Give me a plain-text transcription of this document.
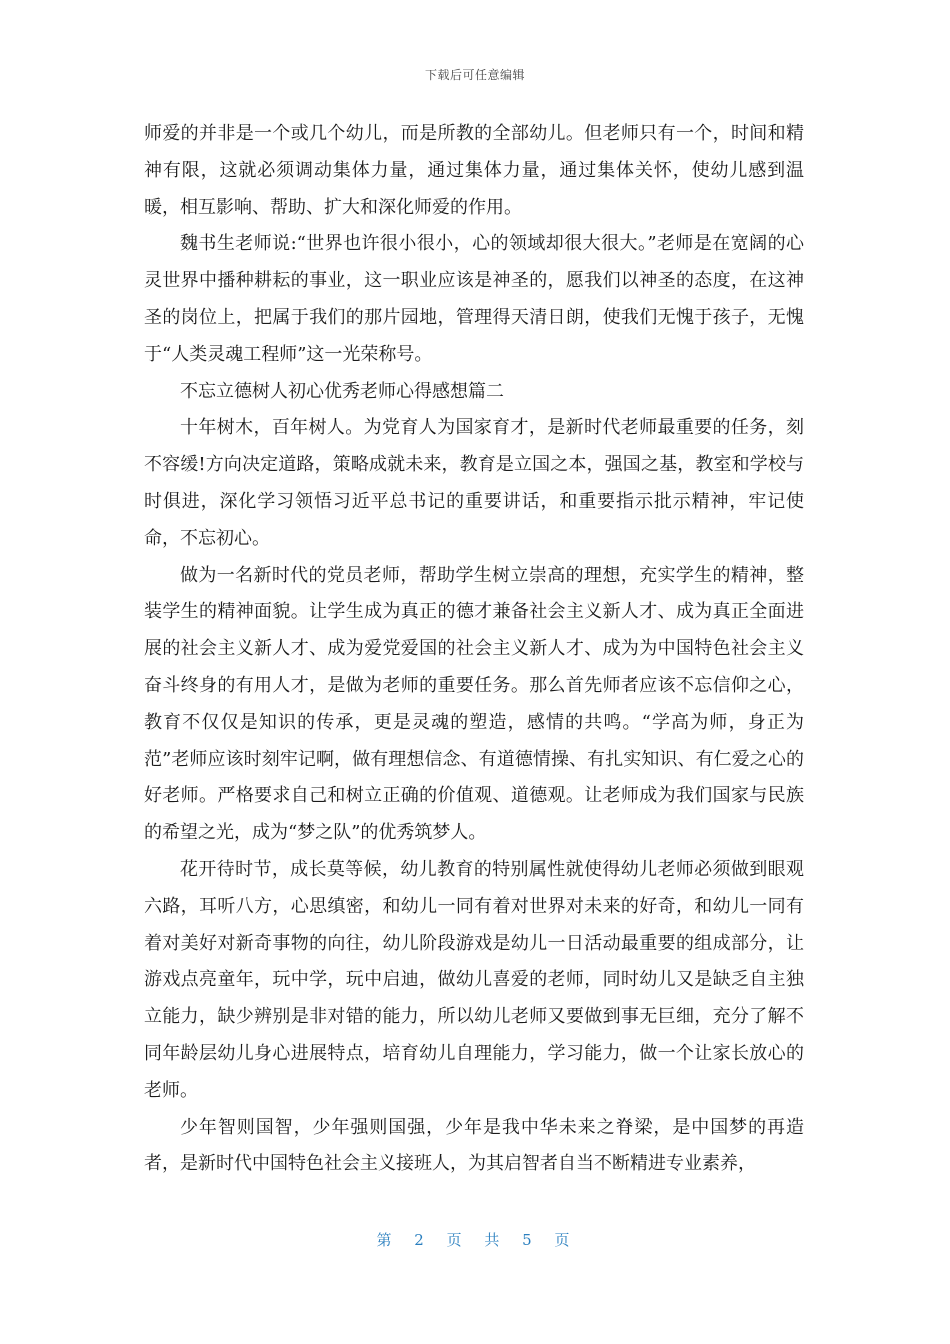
下载后可任意编辑

师爱的并非是一个或几个幼儿，而是所教的全部幼儿。但老师只有一个，时间和精神有限，这就必须调动集体力量，通过集体力量，通过集体关怀，使幼儿感到温暖，相互影响、帮助、扩大和深化师爱的作用。

魏书生老师说:“世界也许很小很小，心的领域却很大很大。”老师是在宽阔的心灵世界中播种耕耘的事业，这一职业应该是神圣的，愿我们以神圣的态度，在这神圣的岗位上，把属于我们的那片园地，管理得天清日朗，使我们无愧于孩子，无愧于“人类灵魂工程师”这一光荣称号。

不忘立德树人初心优秀老师心得感想篇二

十年树木，百年树人。为党育人为国家育才，是新时代老师最重要的任务，刻不容缓!方向决定道路，策略成就未来，教育是立国之本，强国之基，教室和学校与时俱进，深化学习领悟习近平总书记的重要讲话，和重要指示批示精神，牢记使命，不忘初心。

做为一名新时代的党员老师，帮助学生树立崇高的理想，充实学生的精神，整装学生的精神面貌。让学生成为真正的德才兼备社会主义新人才、成为真正全面进展的社会主义新人才、成为爱党爱国的社会主义新人才、成为为中国特色社会主义奋斗终身的有用人才，是做为老师的重要任务。那么首先师者应该不忘信仰之心，教育不仅仅是知识的传承，更是灵魂的塑造，感情的共鸣。“学高为师，身正为范”老师应该时刻牢记啊，做有理想信念、有道德情操、有扎实知识、有仁爱之心的好老师。严格要求自己和树立正确的价值观、道德观。让老师成为我们国家与民族的希望之光，成为“梦之队”的优秀筑梦人。

花开待时节，成长莫等候，幼儿教育的特别属性就使得幼儿老师必须做到眼观六路，耳听八方，心思缜密，和幼儿一同有着对世界对未来的好奇，和幼儿一同有着对美好对新奇事物的向往，幼儿阶段游戏是幼儿一日活动最重要的组成部分，让游戏点亮童年，玩中学，玩中启迪，做幼儿喜爱的老师，同时幼儿又是缺乏自主独立能力，缺少辨别是非对错的能力，所以幼儿老师又要做到事无巨细，充分了解不同年龄层幼儿身心进展特点，培育幼儿自理能力，学习能力，做一个让家长放心的老师。

少年智则国智，少年强则国强，少年是我中华未来之脊梁，是中国梦的再造者，是新时代中国特色社会主义接班人，为其启智者自当不断精进专业素养，

第 2 页 共 5 页
